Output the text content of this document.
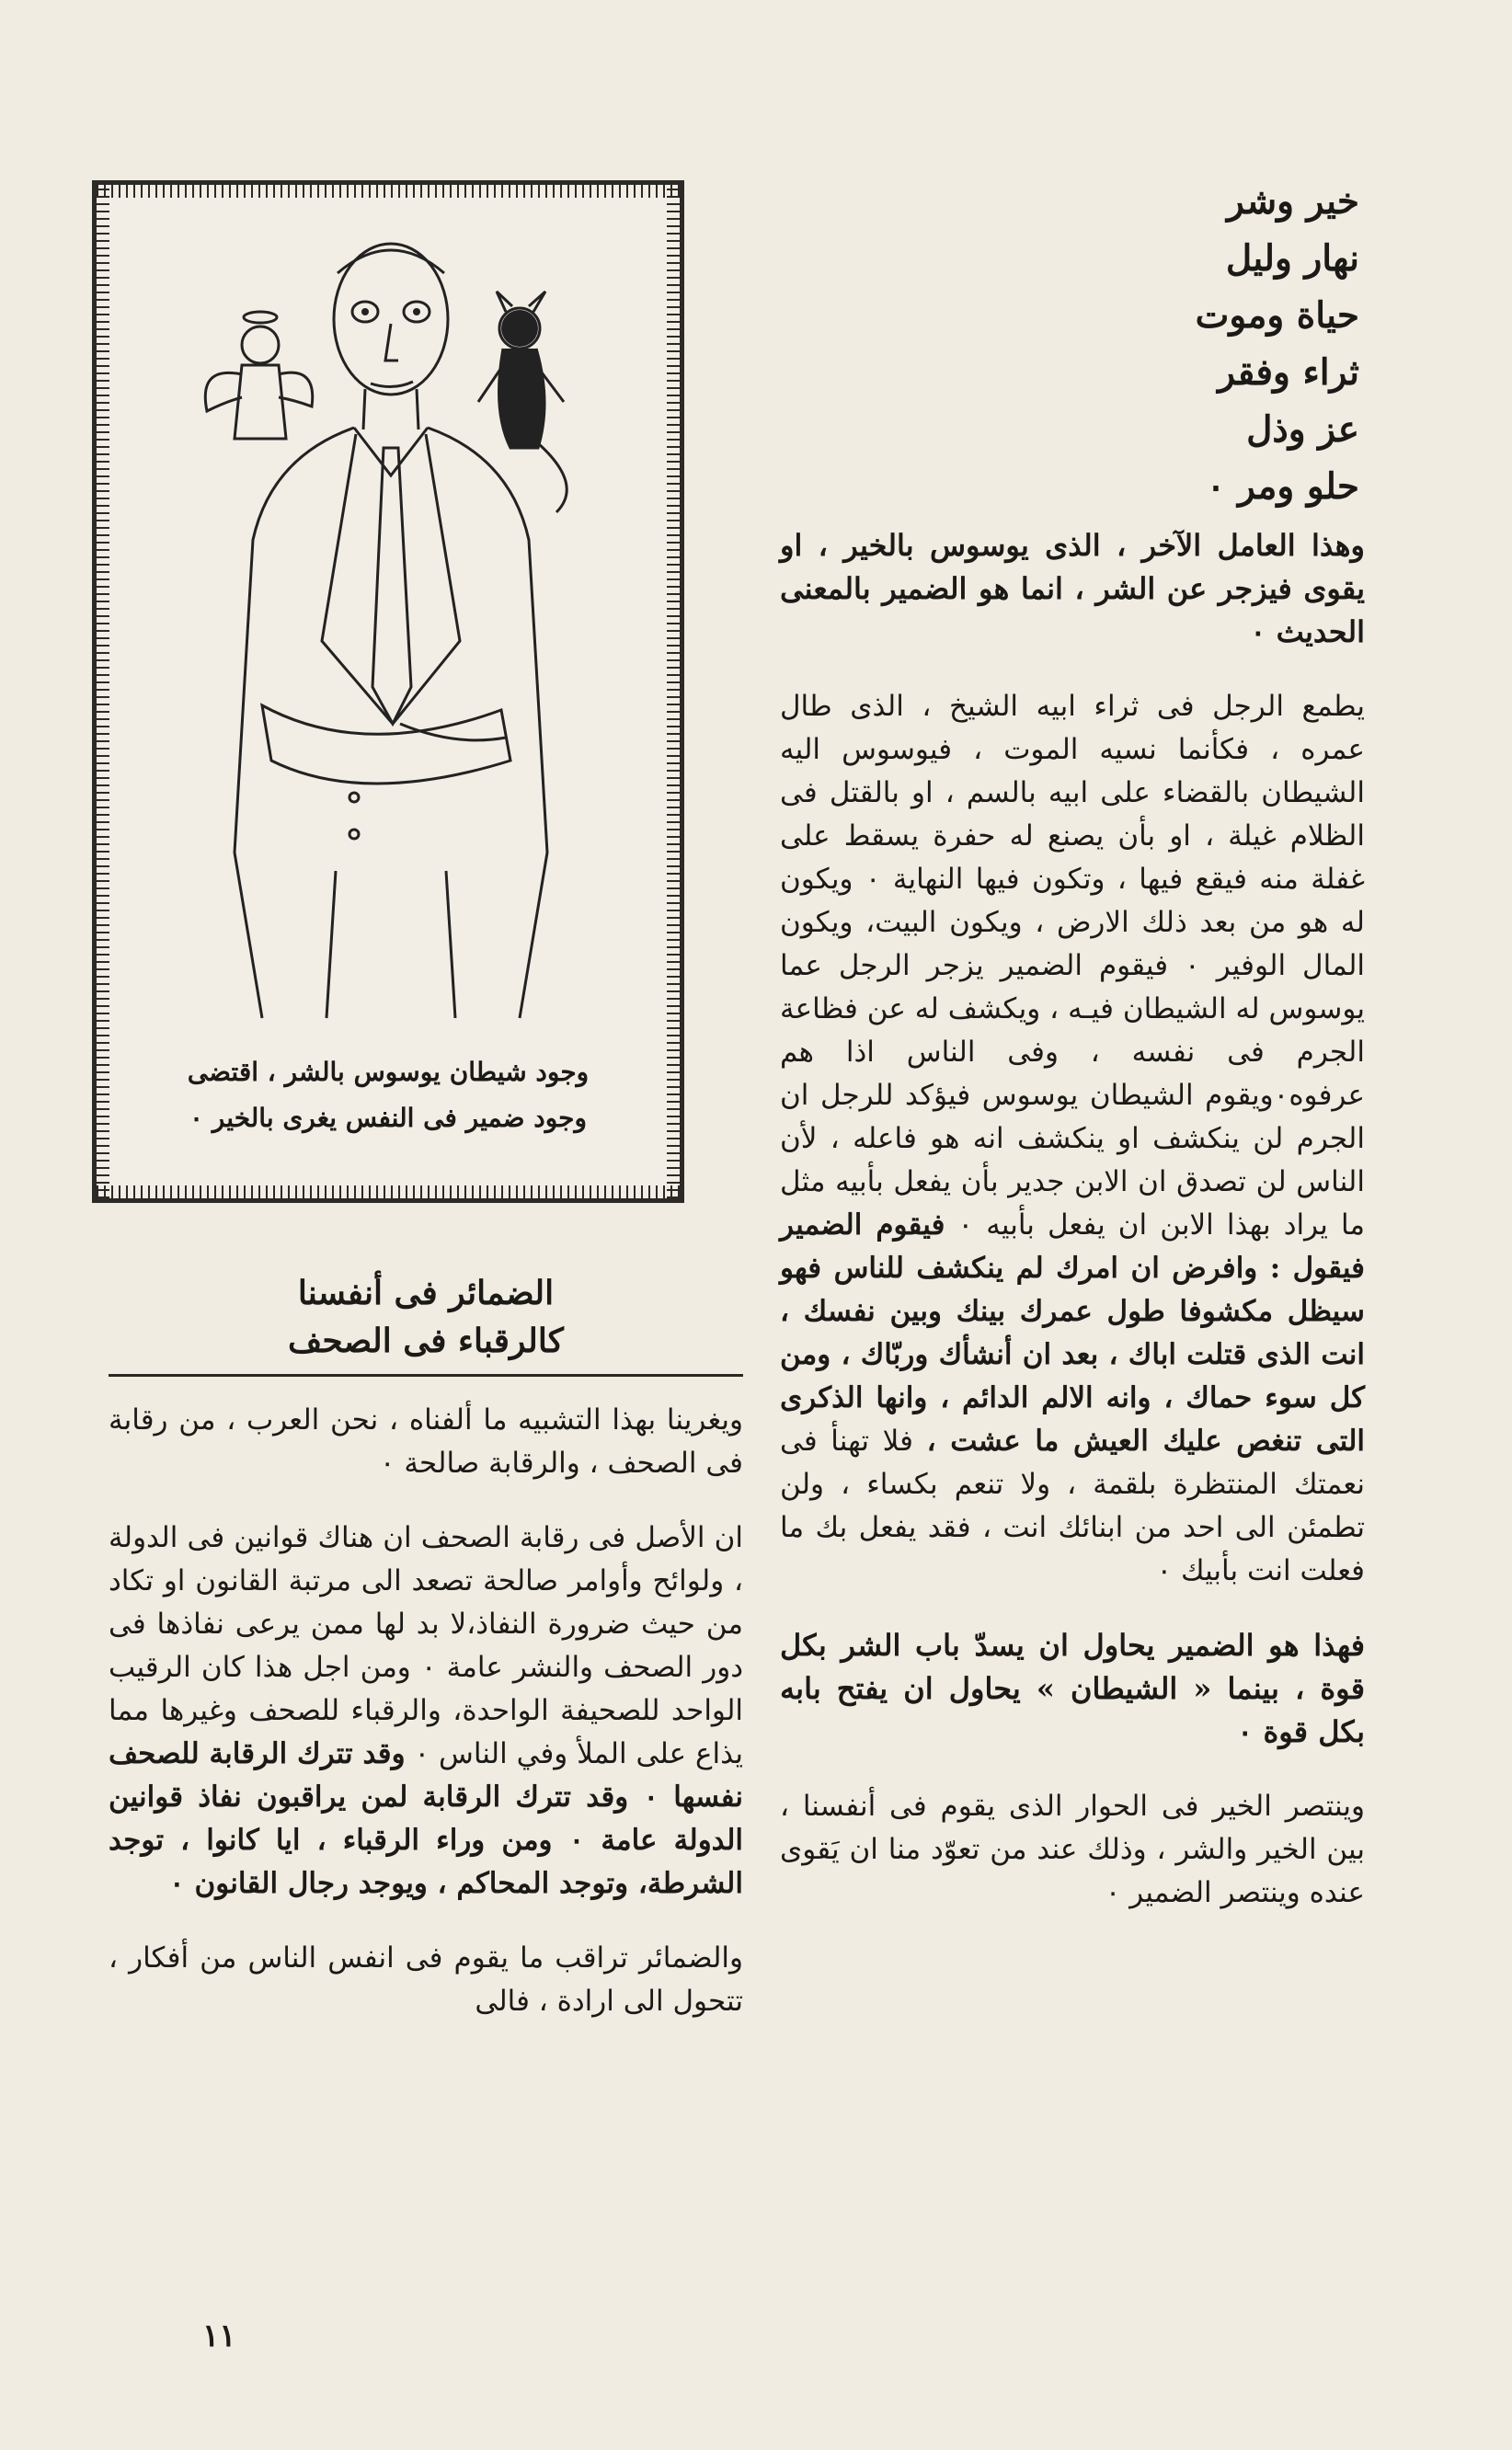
وجود شيطان يوسوس بالشر ، اقتضى
وجود ضمير فى النفس يغرى بالخير ٠
خير وشر
نهار وليل
حياة وموت
ثراء وفقر
عز وذل
حلو ومر ٠

وهذا العامل الآخر ، الذى يوسوس بالخير ، او يقوى فيزجر عن الشر ، انما هو الضمير بالمعنى الحديث ٠

يطمع الرجل فى ثراء ابيه الشيخ ، الذى طال عمره ، فكأنما نسيه الموت ، فيوسوس اليه الشيطان بالقضاء على ابيه بالسم ، او بالقتل فى الظلام غيلة ، او بأن يصنع له حفرة يسقط على غفلة منه فيقع فيها ، وتكون فيها النهاية ٠ ويكون له هو من بعد ذلك الارض ، ويكون البيت، ويكون المال الوفير ٠ فيقوم الضمير يزجر الرجل عما يوسوس له الشيطان فيـه ، ويكشف له عن فظاعة الجرم فى نفسه ، وفى الناس اذا هم عرفوه٠ويقوم الشيطان يوسوس فيؤكد للرجل ان الجرم لن ينكشف او ينكشف انه هو فاعله ، لأن الناس لن تصدق ان الابن جدير بأن يفعل بأبيه مثل ما يراد بهذا الابن ان يفعل بأبيه ٠ فيقوم الضمير فيقول : وافرض ان امرك لم ينكشف للناس فهو سيظل مكشوفا طول عمرك بينك وبين نفسك ، انت الذى قتلت اباك ، بعد ان أنشأك وربّاك ، ومن كل سوء حماك ، وانه الالم الدائم ، وانها الذكرى التى تنغص عليك العيش ما عشت ، فلا تهنأ فى نعمتك المنتظرة بلقمة ، ولا تنعم بكساء ، ولن تطمئن الى احد من ابنائك انت ، فقد يفعل بك ما فعلت انت بأبيك ٠

فهذا هو الضمير يحاول ان يسدّ باب الشر بكل قوة ، بينما « الشيطان » يحاول ان يفتح بابه بكل قوة ٠

وينتصر الخير فى الحوار الذى يقوم فى أنفسنا ، بين الخير والشر ، وذلك عند من تعوّد منا ان يَقوى عنده وينتصر الضمير ٠

الضمائر فى أنفسنا
كالرقباء فى الصحف

ويغرينا بهذا التشبيه ما ألفناه ، نحن العرب ، من رقابة فى الصحف ، والرقابة صالحة ٠

ان الأصل فى رقابة الصحف ان هناك قوانين فى الدولة ، ولوائح وأوامر صالحة تصعد الى مرتبة القانون او تكاد من حيث ضرورة النفاذ،لا بد لها ممن يرعى نفاذها فى دور الصحف والنشر عامة ٠ ومن اجل هذا كان الرقيب الواحد للصحيفة الواحدة، والرقباء للصحف وغيرها مما يذاع على الملأ وفي الناس ٠ وقد تترك الرقابة للصحف نفسها ٠ وقد تترك الرقابة لمن يراقبون نفاذ قوانين الدولة عامة ٠ ومن وراء الرقباء ، ايا كانوا ، توجد الشرطة، وتوجد المحاكم ، ويوجد رجال القانون ٠

والضمائر تراقب ما يقوم فى انفس الناس من أفكار ، تتحول الى ارادة ، فالى

١١
